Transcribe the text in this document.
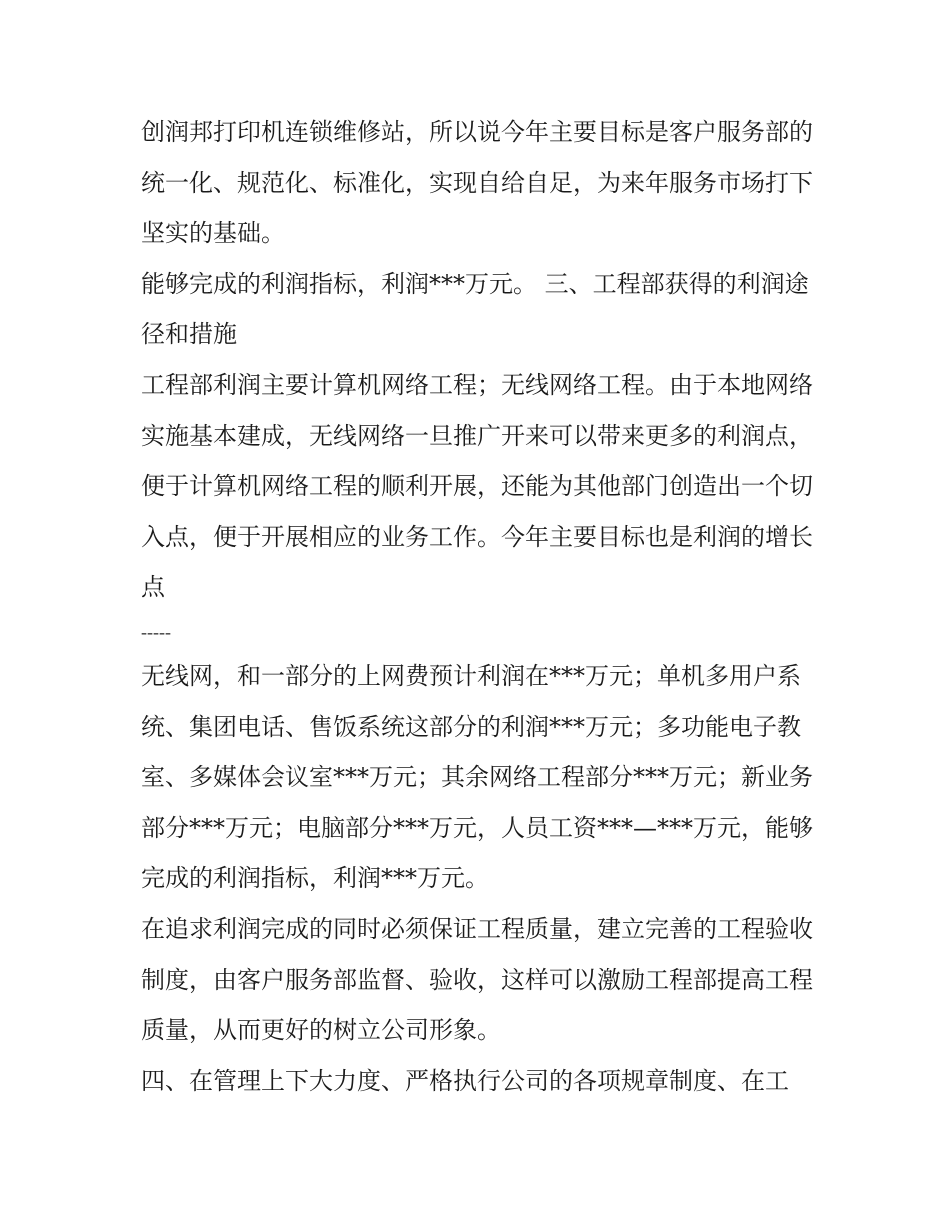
创润邦打印机连锁维修站，所以说今年主要目标是客户服务部的统一化、规范化、标准化，实现自给自足，为来年服务市场打下坚实的基础。

能够完成的利润指标，利润***万元。 三、工程部获得的利润途径和措施

工程部利润主要计算机网络工程；无线网络工程。由于本地网络实施基本建成，无线网络一旦推广开来可以带来更多的利润点，便于计算机网络工程的顺利开展，还能为其他部门创造出一个切入点，便于开展相应的业务工作。今年主要目标也是利润的增长点

-----

无线网，和一部分的上网费预计利润在***万元；单机多用户系统、集团电话、售饭系统这部分的利润***万元；多功能电子教室、多媒体会议室***万元；其余网络工程部分***万元；新业务部分***万元；电脑部分***万元，人员工资***—***万元，能够完成的利润指标，利润***万元。

在追求利润完成的同时必须保证工程质量，建立完善的工程验收制度，由客户服务部监督、验收，这样可以激励工程部提高工程质量，从而更好的树立公司形象。

四、在管理上下大力度、严格执行公司的各项规章制度、在工
